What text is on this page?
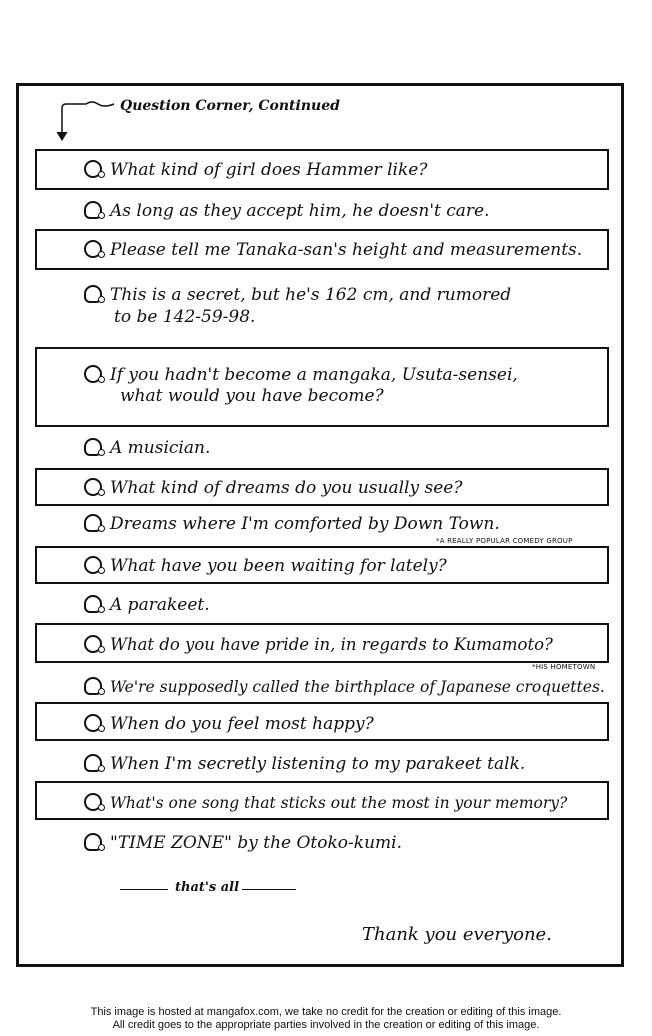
Question Corner, Continued
What kind of girl does Hammer like?
As long as they accept him, he doesn't care.
Please tell me Tanaka-san's height and measurements.
This is a secret, but he's 162 cm, and rumored
to be 142-59-98.
If you hadn't become a mangaka, Usuta-sensei,
what would you have become?
A musician.
What kind of dreams do you usually see?
Dreams where I'm comforted by Down Town.
*A REALLY POPULAR COMEDY GROUP
What have you been waiting for lately?
A parakeet.
What do you have pride in, in regards to Kumamoto?
*HIS HOMETOWN
We're supposedly called the birthplace of Japanese croquettes.
When do you feel most happy?
When I'm secretly listening to my parakeet talk.
What's one song that sticks out the most in your memory?
"TIME ZONE" by the Otoko-kumi.
that's all
Thank you everyone.
This image is hosted at mangafox.com, we take no credit for the creation or editing of this image.
All credit goes to the appropriate parties involved in the creation or editing of this image.
